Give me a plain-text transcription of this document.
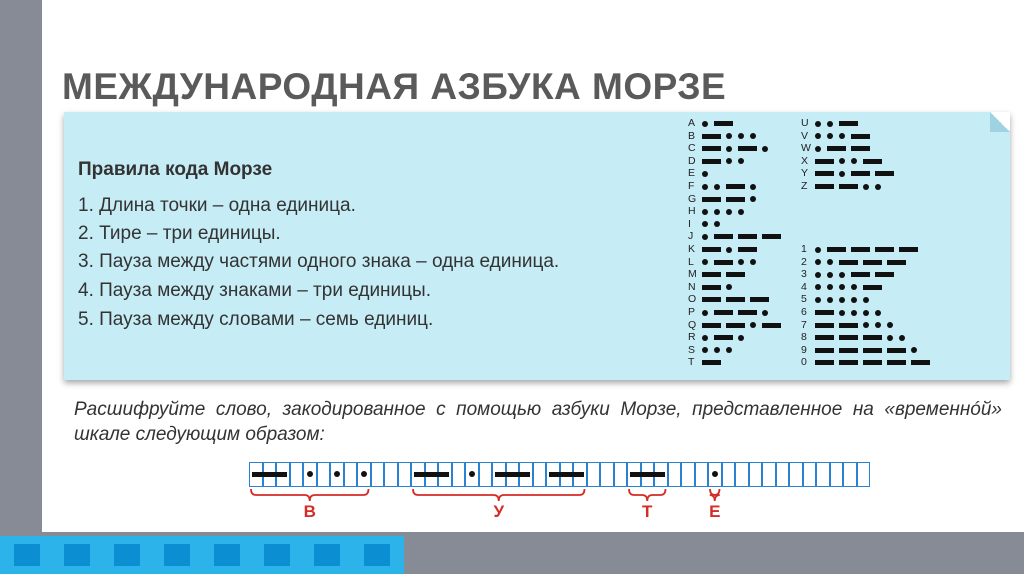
МЕЖДУНАРОДНАЯ АЗБУКА МОРЗЕ
Правила кода Морзе

1. Длина точки – одна единица.

2. Тире – три единицы.

3. Пауза между частями одного знака – одна единица.

4. Пауза между знаками – три единицы.

5. Пауза между словами – семь единиц.

A
B
C
D
E
F
G
H
I
J
K
L
M
N
O
P
Q
R
S
T
U
V
W
X
Y
Z
1
2
3
4
5
6
7
8
9
0

Расшифруйте слово, закодированное с помощью азбуки Морзе, представленное на «временнóй» шкале следующим образом:

В	У	Т	Е
